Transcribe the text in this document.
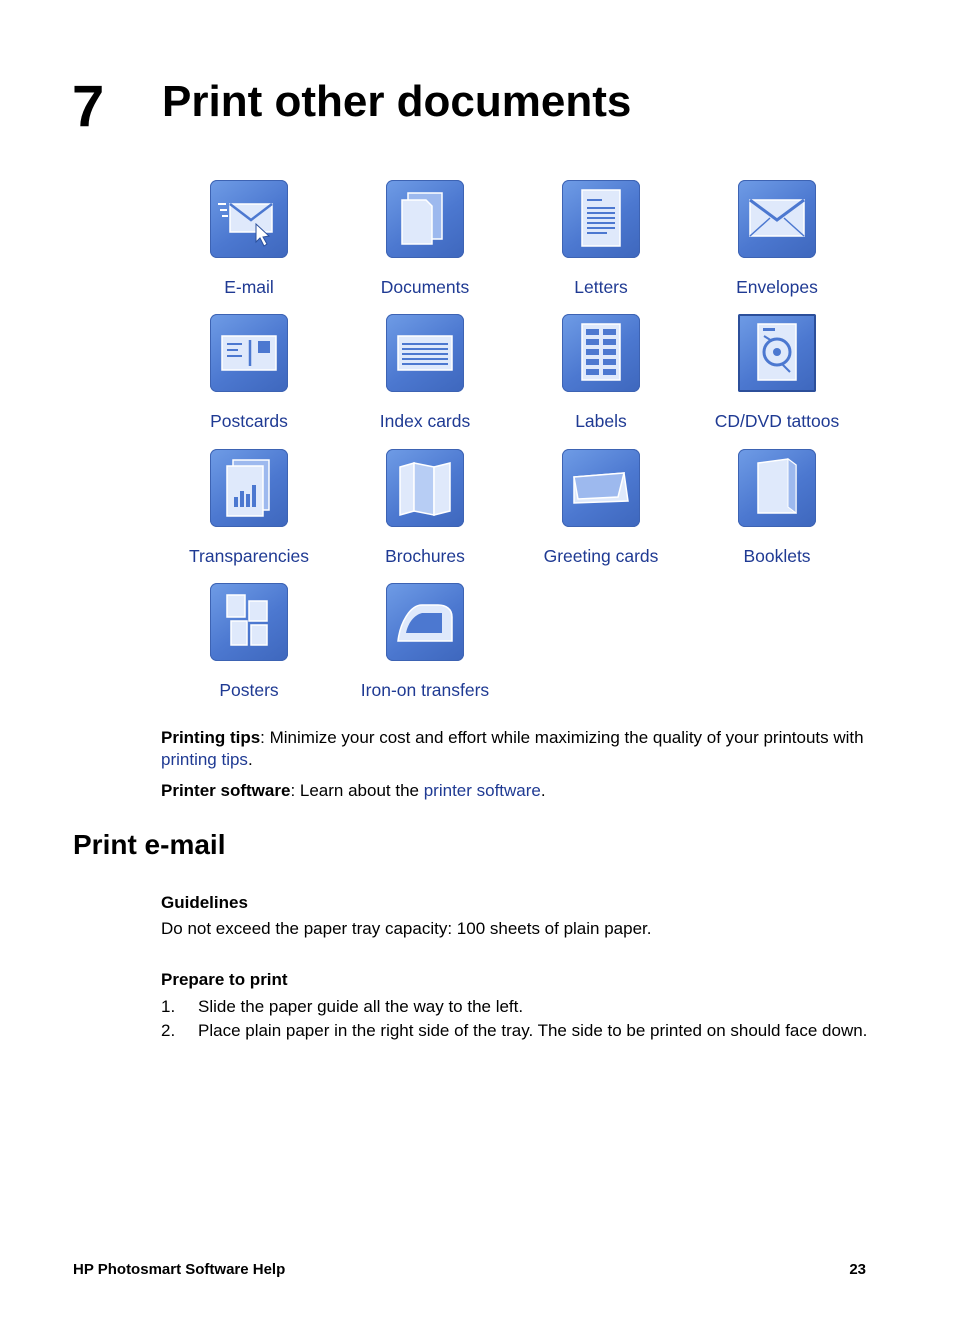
7 Print other documents
E-mail	Documents	Letters	Envelopes
Postcards	Index cards	Labels	CD/DVD tattoos
Transparencies	Brochures	Greeting cards	Booklets
Posters	Iron-on transfers

Printing tips: Minimize your cost and effort while maximizing the quality of your printouts with printing tips.

Printer software: Learn about the printer software.

Print e-mail
Guidelines

Do not exceed the paper tray capacity: 100 sheets of plain paper.

Prepare to print
1. Slide the paper guide all the way to the left.
2. Place plain paper in the right side of the tray. The side to be printed on should face down.
HP Photosmart Software Help	23
